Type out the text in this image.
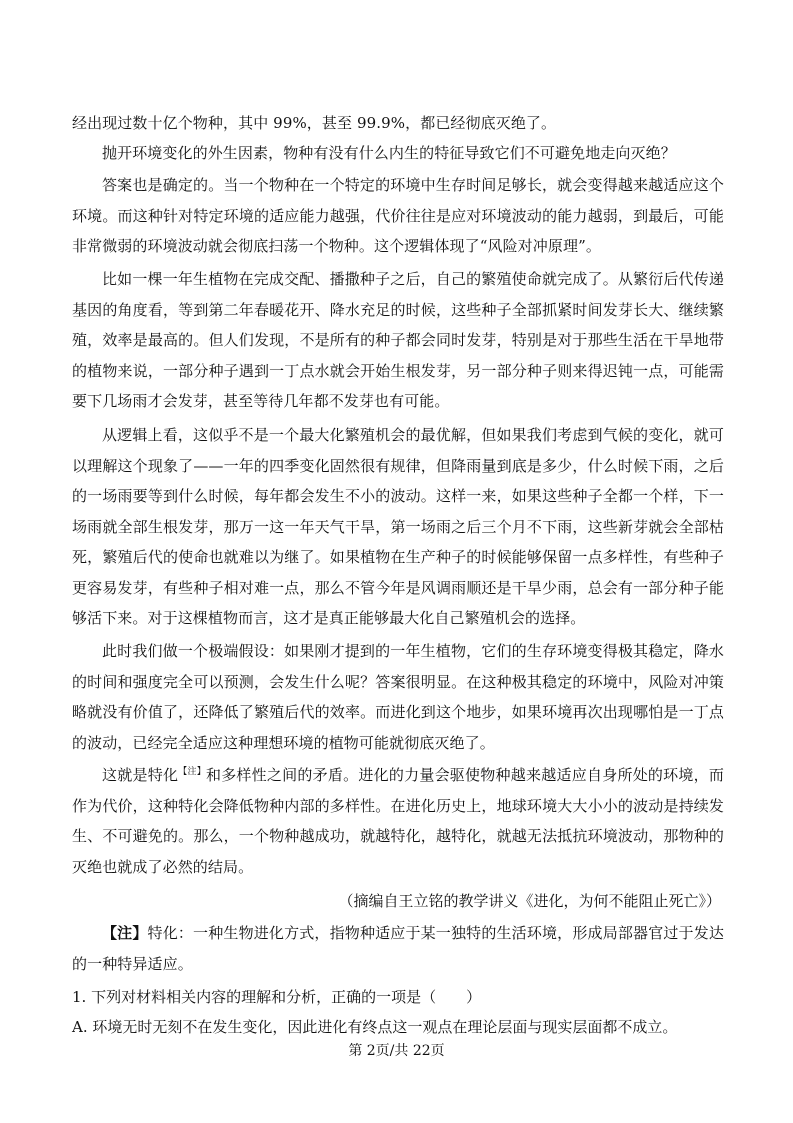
经出现过数十亿个物种，其中 99%，甚至 99.9%，都已经彻底灭绝了。

抛开环境变化的外生因素，物种有没有什么内生的特征导致它们不可避免地走向灭绝？

答案也是确定的。当一个物种在一个特定的环境中生存时间足够长，就会变得越来越适应这个环境。而这种针对特定环境的适应能力越强，代价往往是应对环境波动的能力越弱，到最后，可能非常微弱的环境波动就会彻底扫荡一个物种。这个逻辑体现了“风险对冲原理”。

比如一棵一年生植物在完成交配、播撒种子之后，自己的繁殖使命就完成了。从繁衍后代传递基因的角度看，等到第二年春暖花开、降水充足的时候，这些种子全部抓紧时间发芽长大、继续繁殖，效率是最高的。但人们发现，不是所有的种子都会同时发芽，特别是对于那些生活在干旱地带的植物来说，一部分种子遇到一丁点水就会开始生根发芽，另一部分种子则来得迟钝一点，可能需要下几场雨才会发芽，甚至等待几年都不发芽也有可能。

从逻辑上看，这似乎不是一个最大化繁殖机会的最优解，但如果我们考虑到气候的变化，就可以理解这个现象了——一年的四季变化固然很有规律，但降雨量到底是多少，什么时候下雨，之后的一场雨要等到什么时候，每年都会发生不小的波动。这样一来，如果这些种子全都一个样，下一场雨就全部生根发芽，那万一这一年天气干旱，第一场雨之后三个月不下雨，这些新芽就会全部枯死，繁殖后代的使命也就难以为继了。如果植物在生产种子的时候能够保留一点多样性，有些种子更容易发芽，有些种子相对难一点，那么不管今年是风调雨顺还是干旱少雨，总会有一部分种子能够活下来。对于这棵植物而言，这才是真正能够最大化自己繁殖机会的选择。

此时我们做一个极端假设：如果刚才提到的一年生植物，它们的生存环境变得极其稳定，降水的时间和强度完全可以预测，会发生什么呢？答案很明显。在这种极其稳定的环境中，风险对冲策略就没有价值了，还降低了繁殖后代的效率。而进化到这个地步，如果环境再次出现哪怕是一丁点的波动，已经完全适应这种理想环境的植物可能就彻底灭绝了。

这就是特化$^{【注】}$和多样性之间的矛盾。进化的力量会驱使物种越来越适应自身所处的环境，而作为代价，这种特化会降低物种内部的多样性。在进化历史上，地球环境大大小小的波动是持续发生、不可避免的。那么，一个物种越成功，就越特化，越特化，就越无法抵抗环境波动，那物种的灭绝也就成了必然的结局。

（摘编自王立铭的教学讲义《进化，为何不能阻止死亡》）

【注】特化：一种生物进化方式，指物种适应于某一独特的生活环境，形成局部器官过于发达的一种特异适应。

1. 下列对材料相关内容的理解和分析，正确的一项是（　　）
A. 环境无时无刻不在发生变化，因此进化有终点这一观点在理论层面与现实层面都不成立。
第 2页/共 22页
